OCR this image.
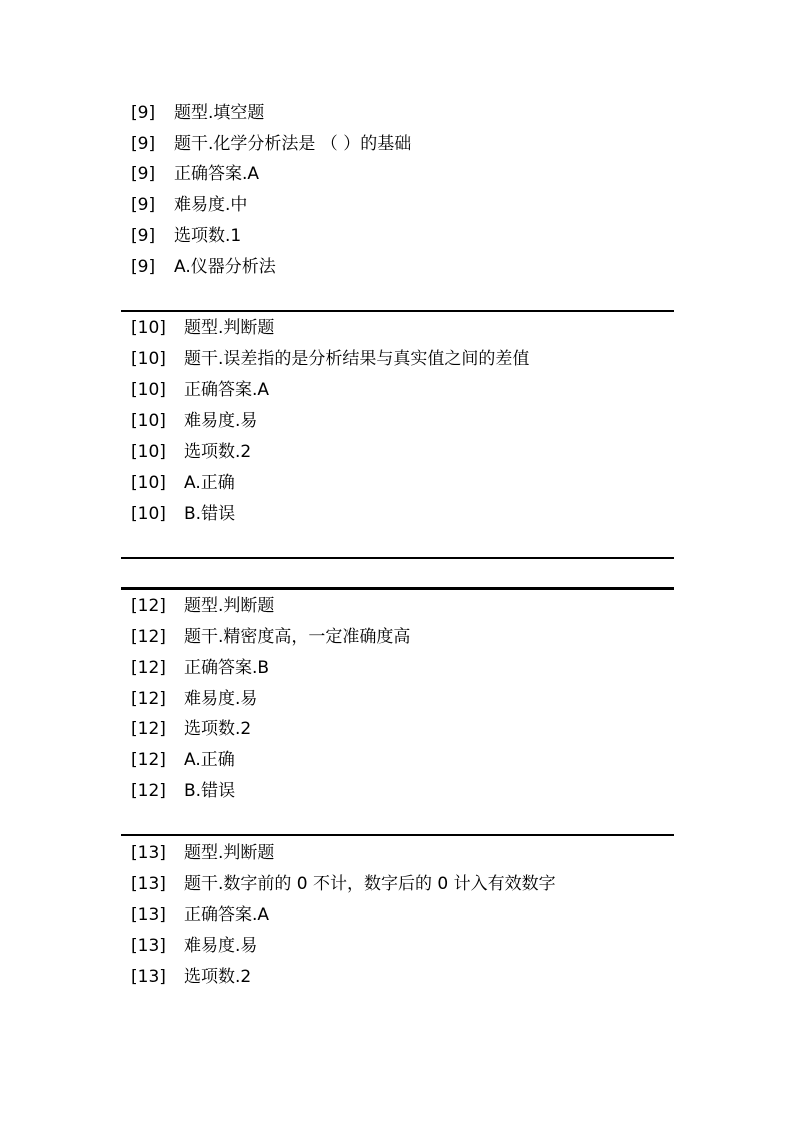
[9] 题型.填空题
[9] 题干.化学分析法是 （ ）的基础
[9] 正确答案.A
[9] 难易度.中
[9] 选项数.1
[9] A.仪器分析法
[10] 题型.判断题
[10] 题干.误差指的是分析结果与真实值之间的差值
[10] 正确答案.A
[10] 难易度.易
[10] 选项数.2
[10] A.正确
[10] B.错误
[12] 题型.判断题
[12] 题干.精密度高，一定准确度高
[12] 正确答案.B
[12] 难易度.易
[12] 选项数.2
[12] A.正确
[12] B.错误
[13] 题型.判断题
[13] 题干.数字前的 0 不计，数字后的 0 计入有效数字
[13] 正确答案.A
[13] 难易度.易
[13] 选项数.2
